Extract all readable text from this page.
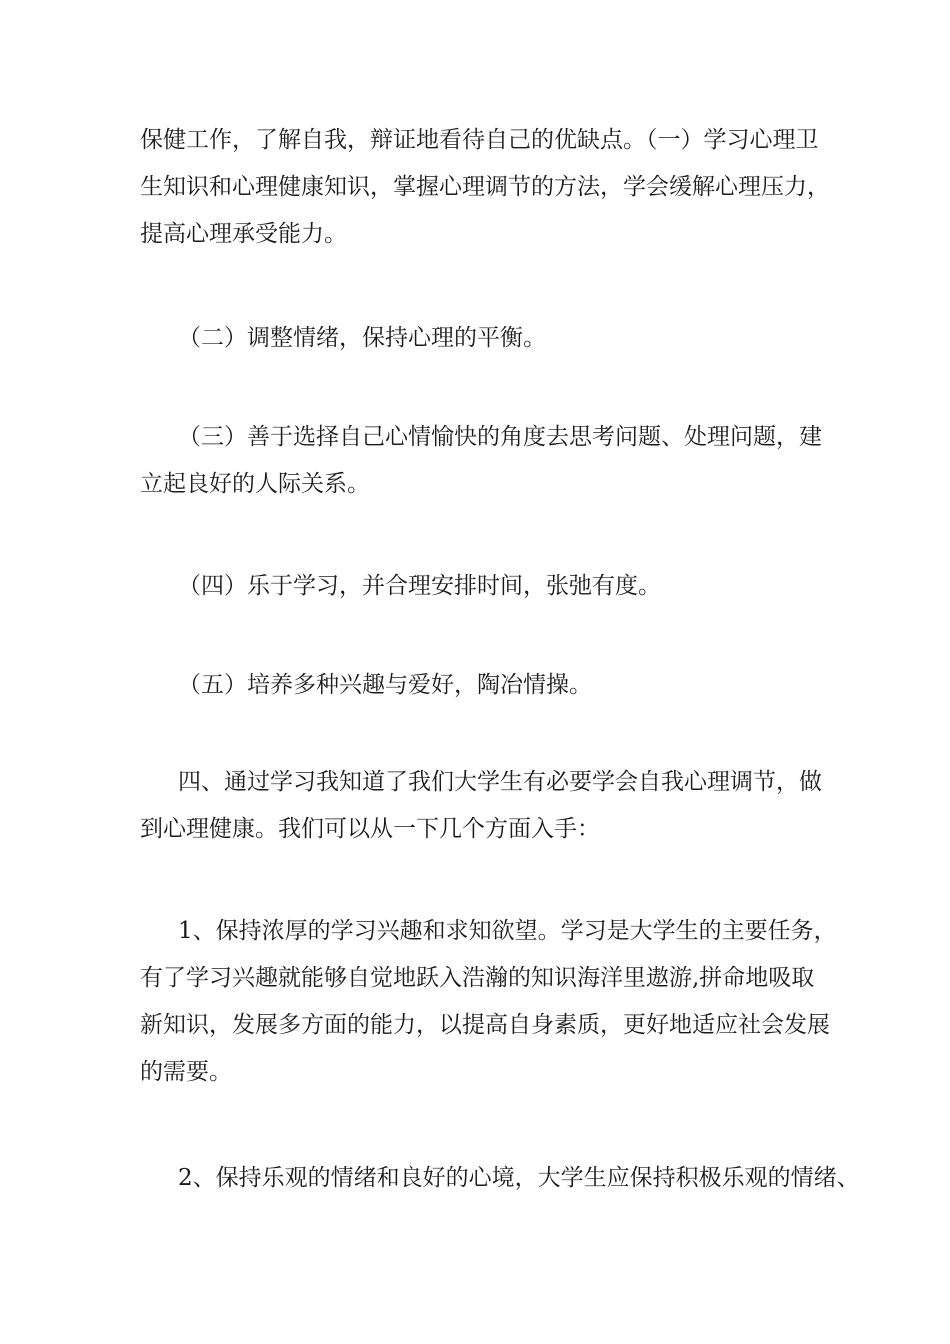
保健工作，了解自我，辩证地看待自己的优缺点。（一）学习心理卫
生知识和心理健康知识，掌握心理调节的方法，学会缓解心理压力，
提高心理承受能力。
（二）调整情绪，保持心理的平衡。
（三）善于选择自己心情愉快的角度去思考问题、处理问题，建
立起良好的人际关系。
（四）乐于学习，并合理安排时间，张弛有度。
（五）培养多种兴趣与爱好，陶冶情操。
四、通过学习我知道了我们大学生有必要学会自我心理调节，做
到心理健康。我们可以从一下几个方面入手：
1、保持浓厚的学习兴趣和求知欲望。学习是大学生的主要任务，
有了学习兴趣就能够自觉地跃入浩瀚的知识海洋里遨游,拼命地吸取
新知识，发展多方面的能力，以提高自身素质，更好地适应社会发展
的需要。
2、保持乐观的情绪和良好的心境，大学生应保持积极乐观的情绪、
